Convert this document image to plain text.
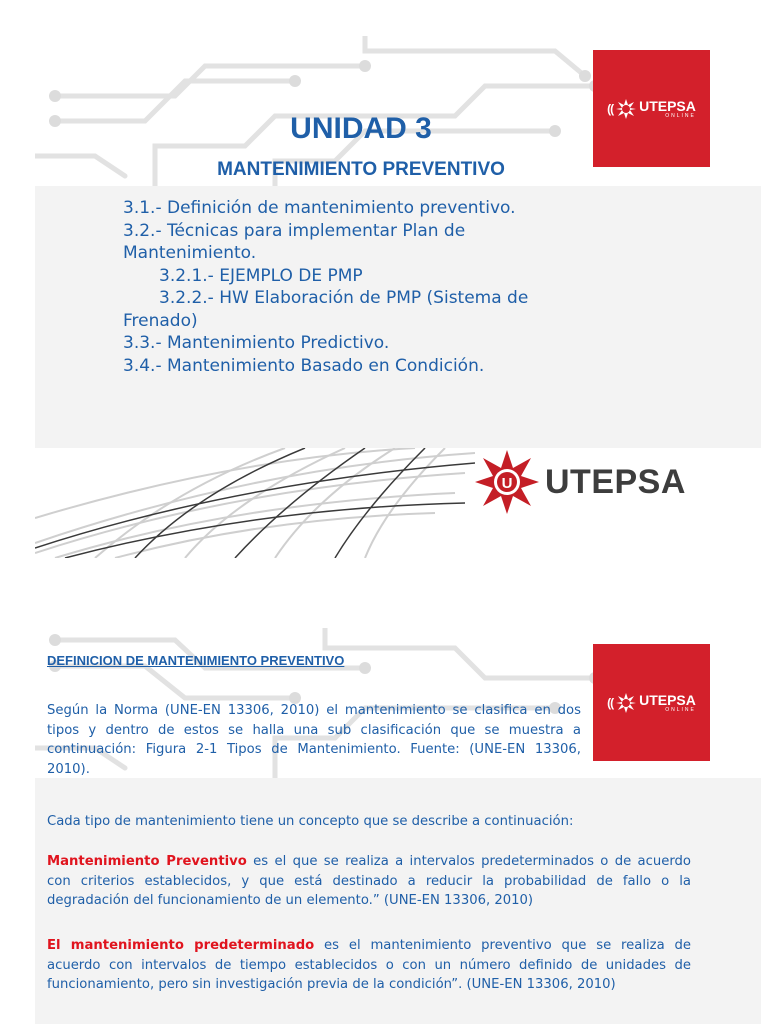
(( UTEPSA
ONLINE
UNIDAD 3
MANTENIMIENTO PREVENTIVO
3.1.- Definición de mantenimiento preventivo.
3.2.- Técnicas para implementar Plan de
Mantenimiento.
3.2.1.- EJEMPLO DE PMP
3.2.2.- HW Elaboración de PMP (Sistema de
Frenado)
3.3.- Mantenimiento Predictivo.
3.4.- Mantenimiento Basado en Condición.
U UTEPSA
(( UTEPSA
ONLINE
DEFINICION DE MANTENIMIENTO PREVENTIVO
Según la Norma (UNE-EN 13306, 2010) el mantenimiento se clasifica en dos tipos y dentro de estos se halla una sub clasificación que se muestra a continuación: Figura 2-1 Tipos de Mantenimiento. Fuente: (UNE-EN 13306, 2010).
Cada tipo de mantenimiento tiene un concepto que se describe a continuación:
Mantenimiento Preventivo es el que se realiza a intervalos predeterminados o de acuerdo con criterios establecidos, y que está destinado a reducir la probabilidad de fallo o la degradación del funcionamiento de un elemento.” (UNE-EN 13306, 2010)
El mantenimiento predeterminado es el mantenimiento preventivo que se realiza de acuerdo con intervalos de tiempo establecidos o con un número definido de unidades de funcionamiento, pero sin investigación previa de la condición”. (UNE-EN 13306, 2010)
